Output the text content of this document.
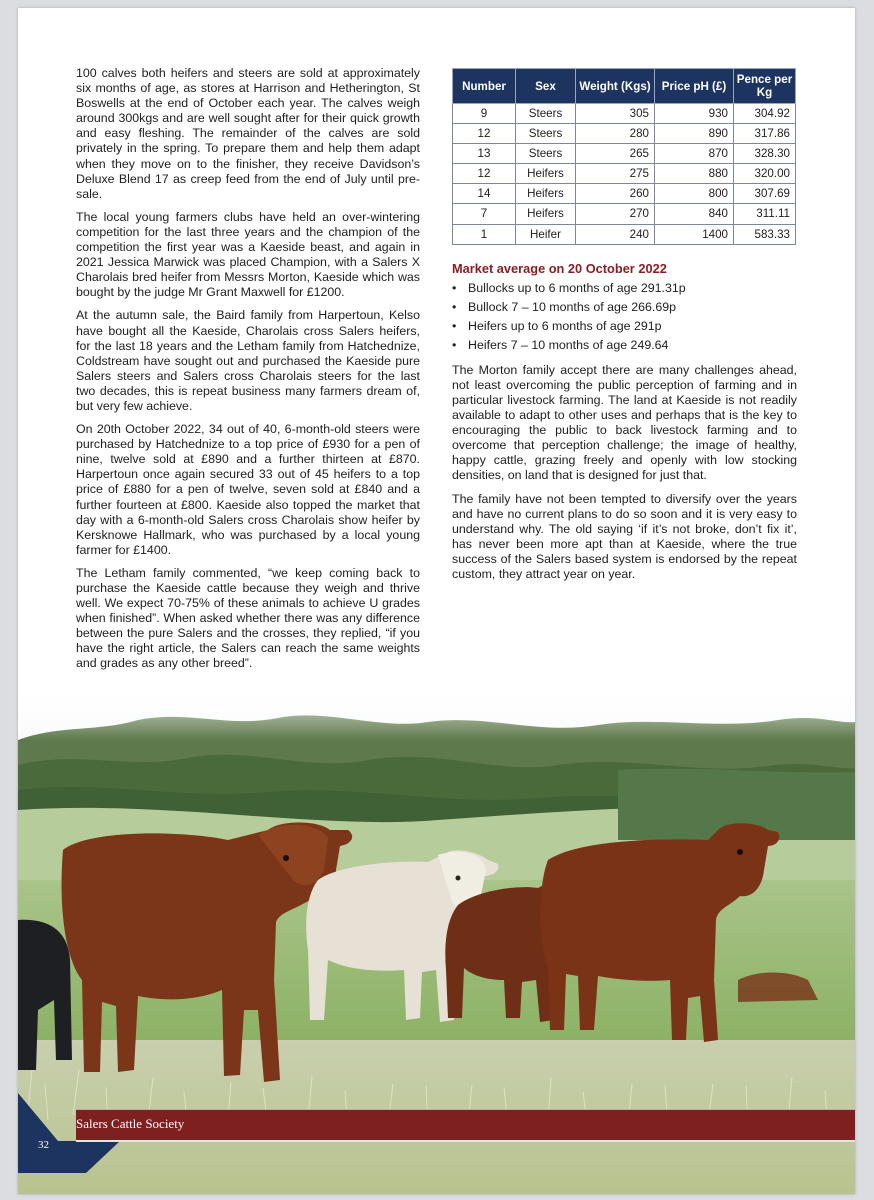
100 calves both heifers and steers are sold at approximately six months of age, as stores at Harrison and Hetherington, St Boswells at the end of October each year. The calves weigh around 300kgs and are well sought after for their quick growth and easy fleshing. The remainder of the calves are sold privately in the spring. To prepare them and help them adapt when they move on to the finisher, they receive Davidson’s Deluxe Blend 17 as creep feed from the end of July until pre-sale.

The local young farmers clubs have held an over-wintering competition for the last three years and the champion of the competition the first year was a Kaeside beast, and again in 2021 Jessica Marwick was placed Champion, with a Salers X Charolais bred heifer from Messrs Morton, Kaeside which was bought by the judge Mr Grant Maxwell for £1200.

At the autumn sale, the Baird family from Harpertoun, Kelso have bought all the Kaeside, Charolais cross Salers heifers, for the last 18 years and the Letham family from Hatchednize, Coldstream have sought out and purchased the Kaeside pure Salers steers and Salers cross Charolais steers for the last two decades, this is repeat business many farmers dream of, but very few achieve.

On 20th October 2022, 34 out of 40, 6-month-old steers were purchased by Hatchednize to a top price of £930 for a pen of nine, twelve sold at £890 and a further thirteen at £870. Harpertoun once again secured 33 out of 45 heifers to a top price of £880 for a pen of twelve, seven sold at £840 and a further fourteen at £800. Kaeside also topped the market that day with a 6-month-old Salers cross Charolais show heifer by Kersknowe Hallmark, who was purchased by a local young farmer for £1400.

The Letham family commented, “we keep coming back to purchase the Kaeside cattle because they weigh and thrive well. We expect 70-75% of these animals to achieve U grades when finished”. When asked whether there was any difference between the pure Salers and the crosses, they replied, “if you have the right article, the Salers can reach the same weights and grades as any other breed”.

Number	Sex	Weight (Kgs)	Price pH (£)	Pence per Kg
9	Steers	305	930	304.92
12	Steers	280	890	317.86
13	Steers	265	870	328.30
12	Heifers	275	880	320.00
14	Heifers	260	800	307.69
7	Heifers	270	840	311.11
1	Heifer	240	1400	583.33
Market average on 20 October 2022
• Bullocks up to 6 months of age 291.31p
• Bullock 7 – 10 months of age 266.69p
• Heifers up to 6 months of age 291p
• Heifers 7 – 10 months of age 249.64

The Morton family accept there are many challenges ahead, not least overcoming the public perception of farming and in particular livestock farming. The land at Kaeside is not readily available to adapt to other uses and perhaps that is the key to encouraging the public to back livestock farming and to overcome that perception challenge; the image of healthy, happy cattle, grazing freely and openly with low stocking densities, on land that is designed for just that.

The family have not been tempted to diversify over the years and have no current plans to do so soon and it is very easy to understand why. The old saying ‘if it’s not broke, don’t fix it’, has never been more apt than at Kaeside, where the true success of the Salers based system is endorsed by the repeat custom, they attract year on year.

Salers Cattle Society
32
